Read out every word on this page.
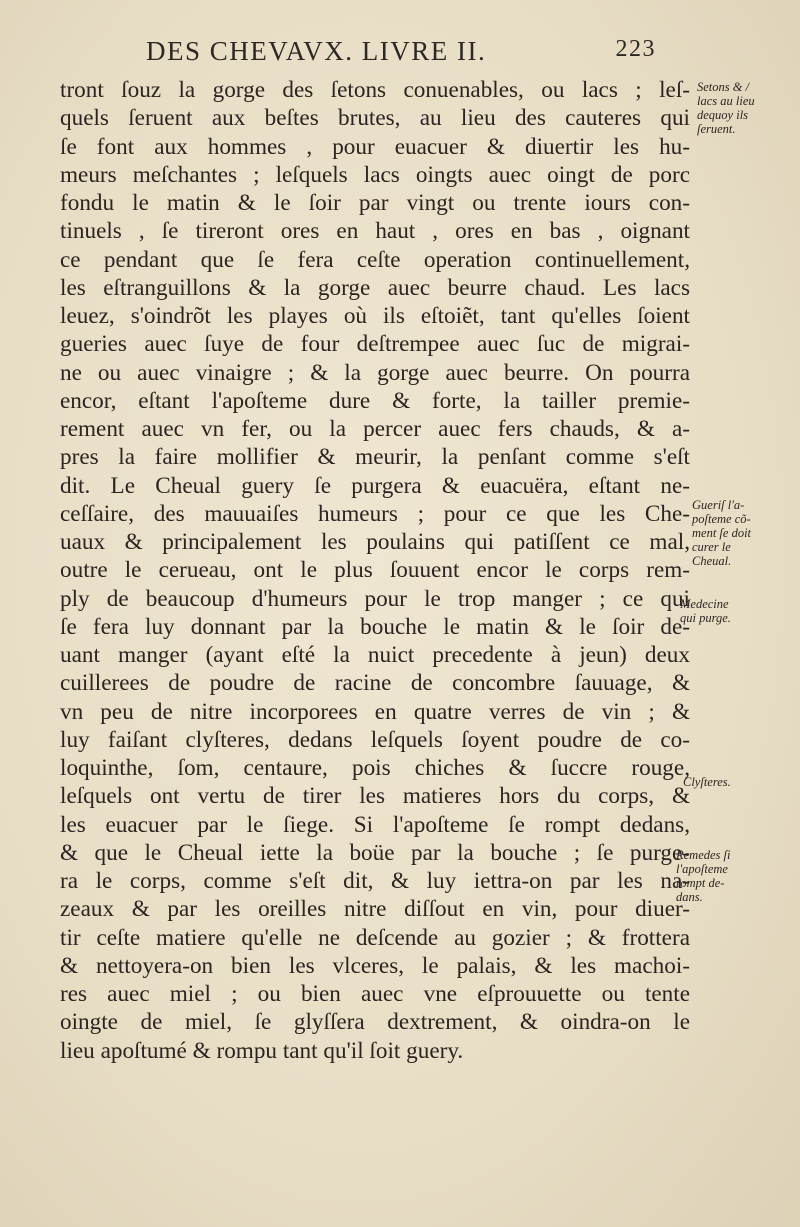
DES CHEVAVX. LIVRE II.	223
tront ſouz la gorge des ſetons conuenables, ou lacs ; leſ-
quels ſeruent aux beſtes brutes, au lieu des cauteres qui
ſe font aux hommes , pour euacuer & diuertir les hu-
meurs meſchantes ; leſquels lacs oingts auec oingt de porc
fondu le matin & le ſoir par vingt ou trente iours con-
tinuels , ſe tireront ores en haut , ores en bas , oignant
ce pendant que ſe fera ceſte operation continuellement,
les eſtranguillons & la gorge auec beurre chaud. Les lacs
leuez, s'oindrõt les playes où ils eſtoiẽt, tant qu'elles ſoient
gueries auec ſuye de four deſtrempee auec ſuc de migrai-
ne ou auec vinaigre ; & la gorge auec beurre. On pourra
encor, eſtant l'apoſteme dure & forte, la tailler premie-
rement auec vn fer, ou la percer auec fers chauds, & a-
pres la faire mollifier & meurir, la penſant comme s'eſt
dit. Le Cheual guery ſe purgera & euacuëra, eſtant ne-
ceſſaire, des mauuaiſes humeurs ; pour ce que les Che-
uaux & principalement les poulains qui patiſſent ce mal,
outre le cerueau, ont le plus ſouuent encor le corps rem-
ply de beaucoup d'humeurs pour le trop manger ; ce qui
ſe fera luy donnant par la bouche le matin & le ſoir de-
uant manger (ayant eſté la nuict precedente à jeun) deux
cuillerees de poudre de racine de concombre ſauuage, &
vn peu de nitre incorporees en quatre verres de vin ; &
luy faiſant clyſteres, dedans leſquels ſoyent poudre de co-
loquinthe, ſom, centaure, pois chiches & ſuccre rouge,
leſquels ont vertu de tirer les matieres hors du corps, &
les euacuer par le ſiege. Si l'apoſteme ſe rompt dedans,
& que le Cheual iette la boüe par la bouche ; ſe purge-
ra le corps, comme s'eſt dit, & luy iettra-on par les na-
zeaux & par les oreilles nitre diſſout en vin, pour diuer-
tir ceſte matiere qu'elle ne deſcende au gozier ; & frottera
& nettoyera-on bien les vlceres, le palais, & les machoi-
res auec miel ; ou bien auec vne eſprouuette ou tente
oingte de miel, ſe glyſſera dextrement, & oindra-on le
lieu apoſtumé & rompu tant qu'il ſoit guery.
Setons & /
lacs au lieu
dequoy ils
ſeruent.
Gueriſ l'a-
poſteme cõ-
ment ſe doit
curer le
Cheual.
Medecine
qui purge.
Clyſteres.
Remedes ſi
l'apoſteme
rompt de-
dans.
